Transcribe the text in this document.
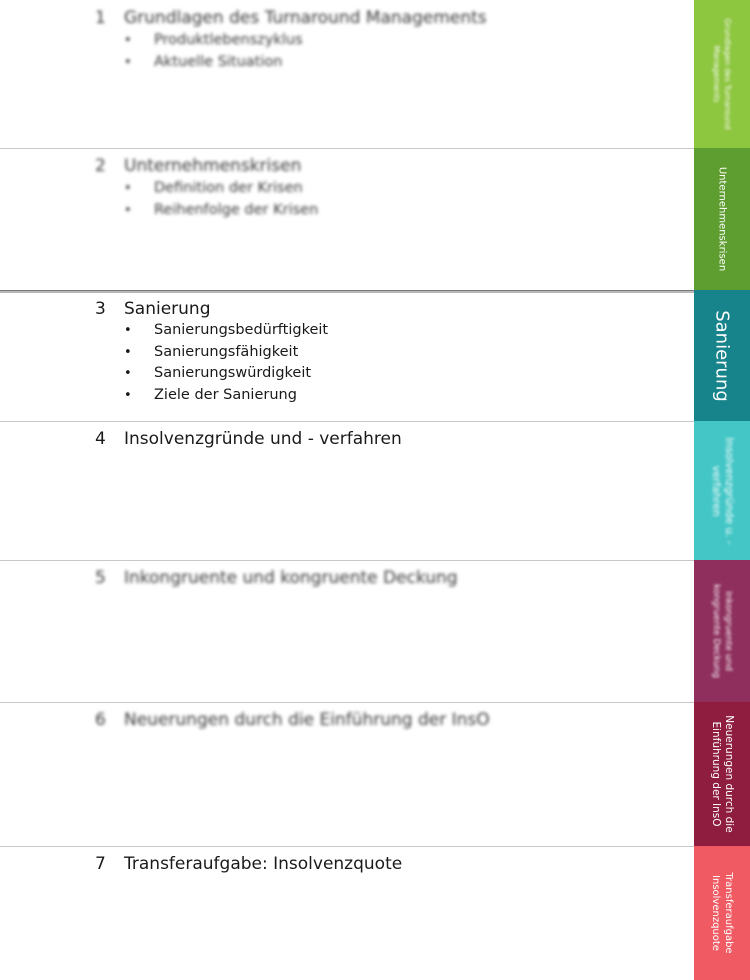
1 Grundlagen des Turnaround Managements
• Produktlebenszyklus
• Aktuelle Situation
2 Unternehmenskrisen
• Definition der Krisen
• Reihenfolge der Krisen
3 Sanierung
• Sanierungsbedürftigkeit
• Sanierungsfähigkeit
• Sanierungswürdigkeit
• Ziele der Sanierung
4 Insolvenzgründe und - verfahren
5 Inkongruente und kongruente Deckung
6 Neuerungen durch die Einführung der InsO
7 Transferaufgabe: Insolvenzquote
Grundlagen des Turnaround Managements
Unternehmenskrisen
Sanierung
Insolvenzgründe u. -verfahren
Inkongruente und kongruente Deckung
Neuerungen durch die Einführung der InsO
Transferaufgabe Insolvenzquote
